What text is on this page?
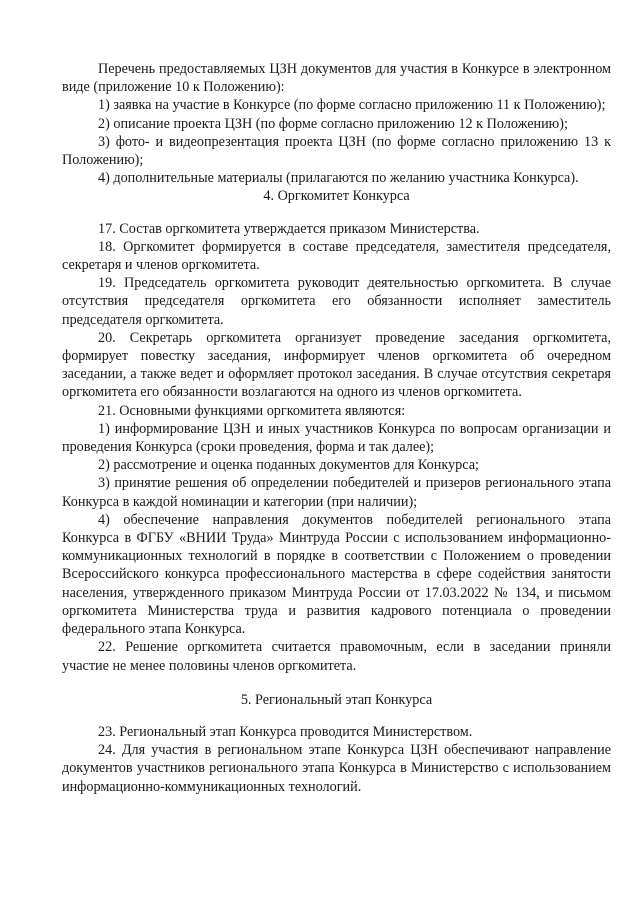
Перечень предоставляемых ЦЗН документов для участия в Конкурсе в электронном виде (приложение 10 к Положению):

1) заявка на участие в Конкурсе (по форме согласно приложению 11 к Положению);

2) описание проекта ЦЗН (по форме согласно приложению 12 к Положению);

3) фото- и видеопрезентация проекта ЦЗН (по форме согласно приложению 13 к Положению);

4) дополнительные материалы (прилагаются по желанию участника Конкурса).

4. Оргкомитет Конкурса

17. Состав оргкомитета утверждается приказом Министерства.

18. Оргкомитет формируется в составе председателя, заместителя председателя, секретаря и членов оргкомитета.

19. Председатель оргкомитета руководит деятельностью оргкомитета. В случае отсутствия председателя оргкомитета его обязанности исполняет заместитель председателя оргкомитета.

20. Секретарь оргкомитета организует проведение заседания оргкомитета, формирует повестку заседания, информирует членов оргкомитета об очередном заседании, а также ведет и оформляет протокол заседания. В случае отсутствия секретаря оргкомитета его обязанности возлагаются на одного из членов оргкомитета.

21. Основными функциями оргкомитета являются:

1) информирование ЦЗН и иных участников Конкурса по вопросам организации и проведения Конкурса (сроки проведения, форма и так далее);

2) рассмотрение и оценка поданных документов для Конкурса;

3) принятие решения об определении победителей и призеров регионального этапа Конкурса в каждой номинации и категории (при наличии);

4) обеспечение направления документов победителей регионального этапа Конкурса в ФГБУ «ВНИИ Труда» Минтруда России с использованием информационно-коммуникационных технологий в порядке в соответствии с Положением о проведении Всероссийского конкурса профессионального мастерства в сфере содействия занятости населения, утвержденного приказом Минтруда России от 17.03.2022 № 134, и письмом оргкомитета Министерства труда и развития кадрового потенциала о проведении федерального этапа Конкурса.

22. Решение оргкомитета считается правомочным, если в заседании приняли участие не менее половины членов оргкомитета.

5. Региональный этап Конкурса

23. Региональный этап Конкурса проводится Министерством.

24. Для участия в региональном этапе Конкурса ЦЗН обеспечивают направление документов участников регионального этапа Конкурса в Министерство с использованием информационно-коммуникационных технологий.
